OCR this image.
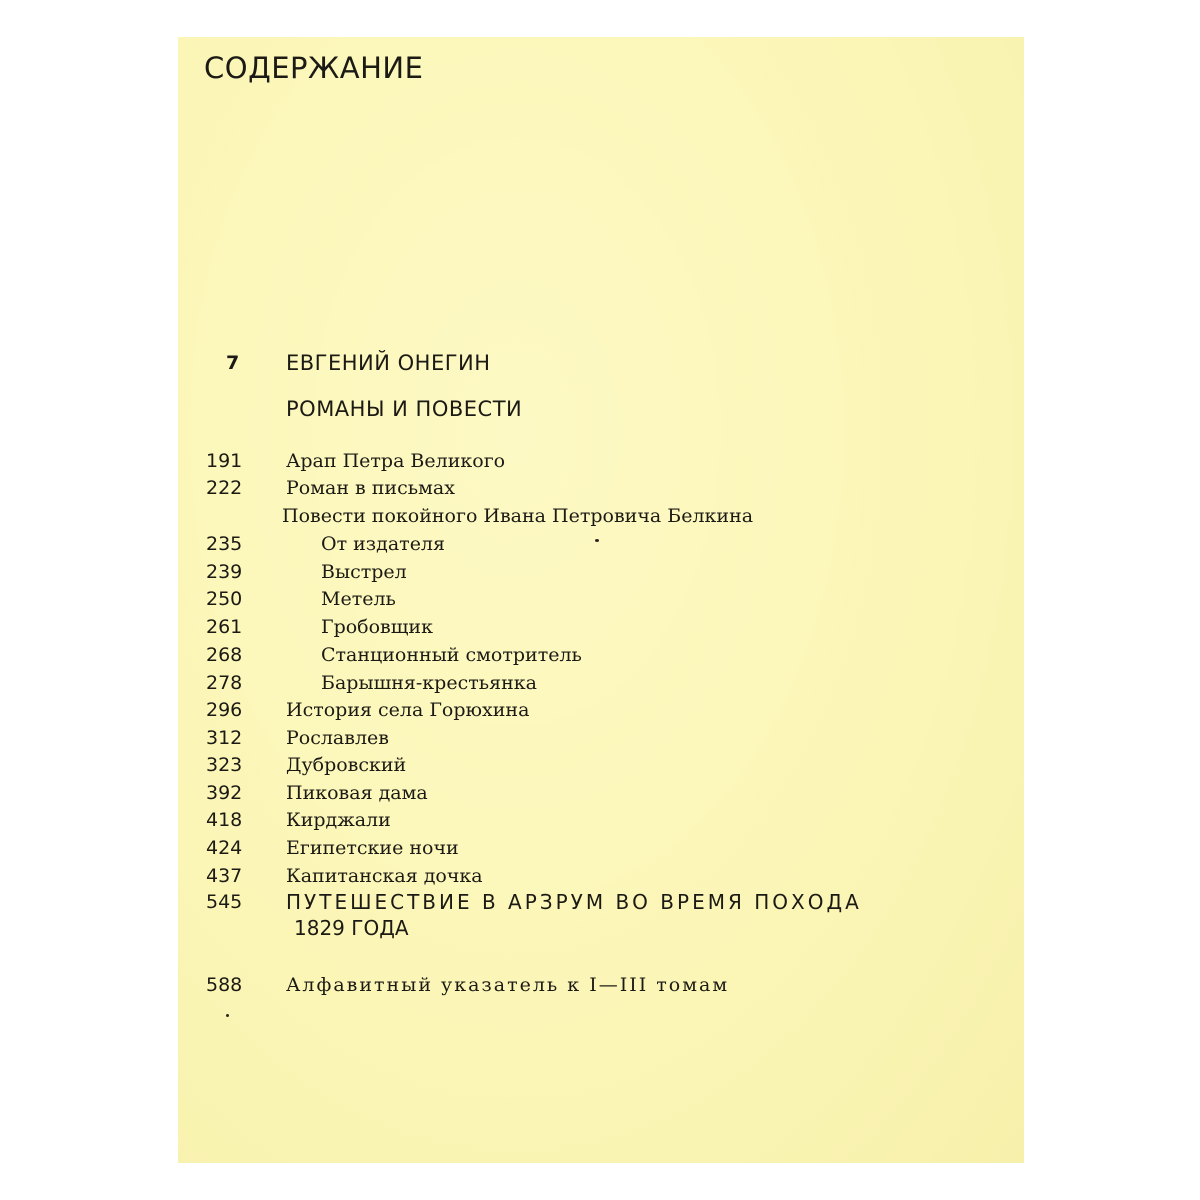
СОДЕРЖАНИЕ
7	ЕВГЕНИЙ ОНЕГИН
РОМАНЫ И ПОВЕСТИ
191	Арап Петра Великого
222	Роман в письмах
Повести покойного Ивана Петровича Белкина
235	От издателя
239	Выстрел
250	Метель
261	Гробовщик
268	Станционный смотритель
278	Барышня-крестьянка
296	История села Горюхина
312	Рославлев
323	Дубровский
392	Пиковая дама
418	Кирджали
424	Египетские ночи
437	Капитанская дочка
545	ПУТЕШЕСТВИЕ В АРЗРУМ ВО ВРЕМЯ ПОХОДА
1829 ГОДА
588	Алфавитный указатель к I—III томам
